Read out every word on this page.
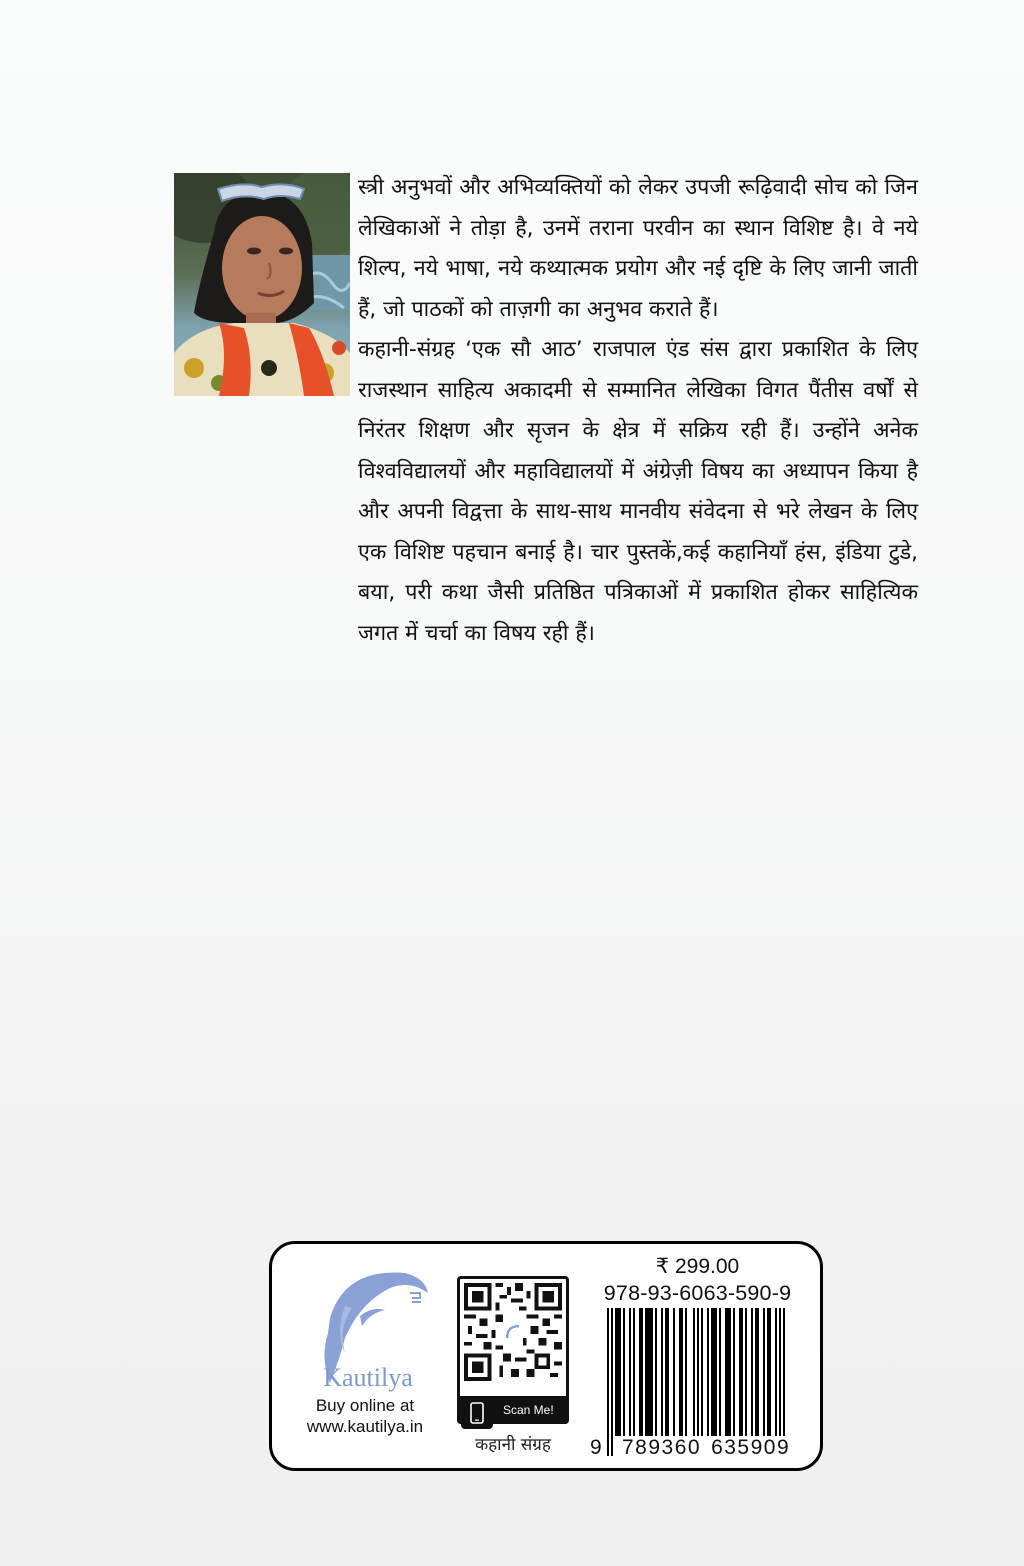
स्त्री अनुभवों और अभिव्यक्तियों को लेकर उपजी रूढ़िवादी सोच को जिन लेखिकाओं ने तोड़ा है, उनमें तराना परवीन का स्थान विशिष्ट है। वे नये शिल्प, नये भाषा, नये कथ्यात्मक प्रयोग और नई दृष्टि के लिए जानी जाती हैं, जो पाठकों को ताज़गी का अनुभव कराते हैं।

कहानी-संग्रह ‘एक सौ आठ’ राजपाल एंड संस द्वारा प्रकाशित के लिए राजस्थान साहित्य अकादमी से सम्मानित लेखिका विगत पैंतीस वर्षों से निरंतर शिक्षण और सृजन के क्षेत्र में सक्रिय रही हैं। उन्होंने अनेक विश्वविद्यालयों और महाविद्यालयों में अंग्रेज़ी विषय का अध्यापन किया है और अपनी विद्वत्ता के साथ-साथ मानवीय संवेदना से भरे लेखन के लिए एक विशिष्ट पहचान बनाई है। चार पुस्तकें,कई कहानियाँ हंस, इंडिया टुडे, बया, परी कथा जैसी प्रतिष्ठित पत्रिकाओं में प्रकाशित होकर साहित्यिक जगत में चर्चा का विषय रही हैं।

Kautilya
Buy online at
www.kautilya.in
Scan Me!
कहानी संग्रह
₹ 299.00
978-93-6063-590-9
9 789360 635909
